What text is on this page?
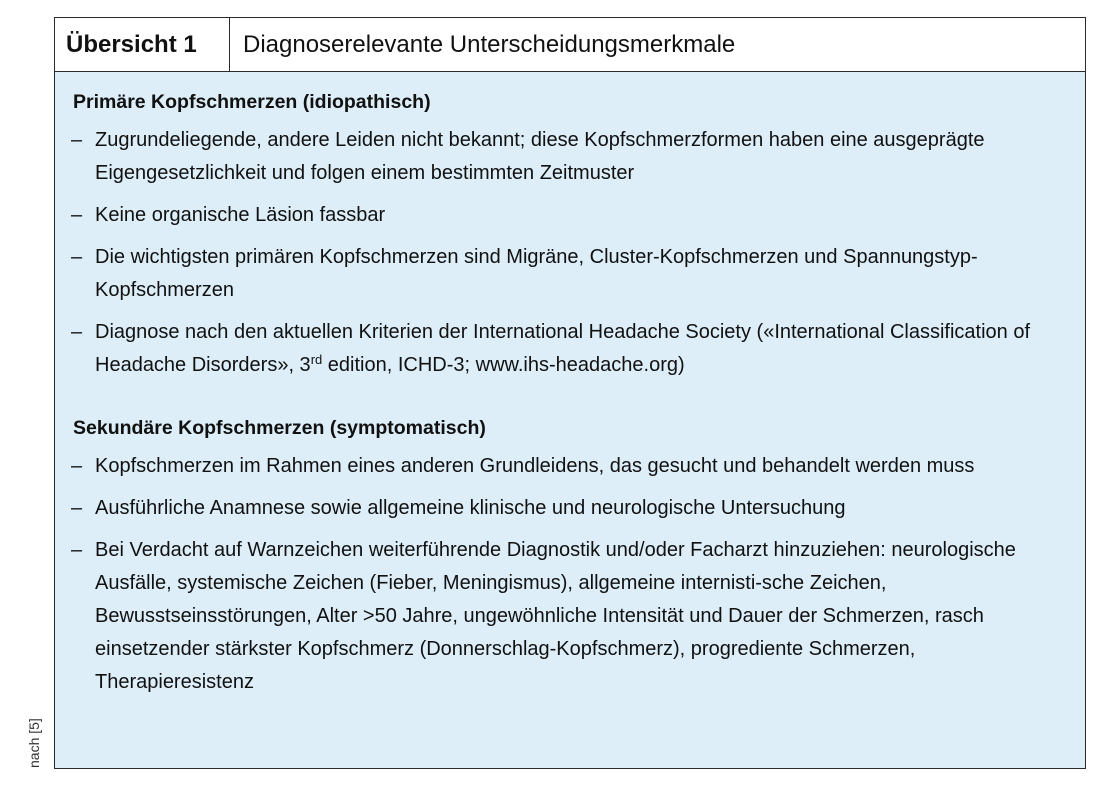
Übersicht 1	Diagnoserelevante Unterscheidungsmerkmale
Primäre Kopfschmerzen (idiopathisch)
– Zugrundeliegende, andere Leiden nicht bekannt; diese Kopfschmerzformen haben eine ausgeprägte Eigengesetzlichkeit und folgen einem bestimmten Zeitmuster
– Keine organische Läsion fassbar
– Die wichtigsten primären Kopfschmerzen sind Migräne, Cluster-Kopfschmerzen und Spannungstyp-Kopfschmerzen
– Diagnose nach den aktuellen Kriterien der International Headache Society («International Classification of Headache Disorders», 3rd edition, ICHD-3; www.ihs-headache.org)
Sekundäre Kopfschmerzen (symptomatisch)
– Kopfschmerzen im Rahmen eines anderen Grundleidens, das gesucht und behandelt werden muss
– Ausführliche Anamnese sowie allgemeine klinische und neurologische Untersuchung
– Bei Verdacht auf Warnzeichen weiterführende Diagnostik und/oder Facharzt hinzuziehen: neurologische Ausfälle, systemische Zeichen (Fieber, Meningismus), allgemeine internisti-sche Zeichen, Bewusstseinsstörungen, Alter >50 Jahre, ungewöhnliche Intensität und Dauer der Schmerzen, rasch einsetzender stärkster Kopfschmerz (Donnerschlag-Kopfschmerz), progrediente Schmerzen, Therapieresistenz
nach [5]
